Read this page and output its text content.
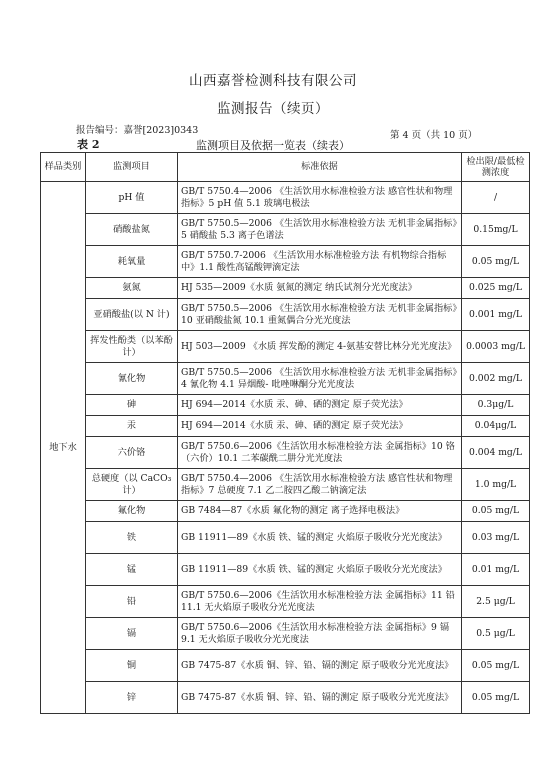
山西嘉誉检测科技有限公司
监测报告（续页）
报告编号：嘉誉[2023]0343	第 4 页（共 10 页）
表 2	监测项目及依据一览表（续表）
样品类别	监测项目	标准依据	检出限/最低检测浓度
地下水	pH 值	GB/T 5750.4—2006 《生活饮用水标准检验方法 感官性状和物理指标》5 pH 值 5.1 玻璃电极法	/
	硝酸盐氮	GB/T 5750.5—2006 《生活饮用水标准检验方法 无机非金属指标》5 硝酸盐 5.3 离子色谱法	0.15mg/L
	耗氧量	GB/T 5750.7-2006 《生活饮用水标准检验方法 有机物综合指标中》1.1 酸性高锰酸钾滴定法	0.05 mg/L
	氨氮	HJ 535—2009《水质 氨氮的测定 纳氏试剂分光光度法》	0.025 mg/L
	亚硝酸盐(以 N 计)	GB/T 5750.5—2006 《生活饮用水标准检验方法 无机非金属指标》10 亚硝酸盐氮 10.1 重氮偶合分光光度法	0.001 mg/L
	挥发性酚类（以苯酚计）	HJ 503—2009 《水质 挥发酚的测定 4-氨基安替比林分光光度法》	0.0003 mg/L
	氰化物	GB/T 5750.5—2006 《生活饮用水标准检验方法 无机非金属指标》4 氰化物 4.1 异烟酸- 吡唑啉酮分光光度法	0.002 mg/L
	砷	HJ 694—2014《水质 汞、砷、硒的测定 原子荧光法》	0.3μg/L
	汞	HJ 694—2014《水质 汞、砷、硒的测定 原子荧光法》	0.04μg/L
	六价铬	GB/T 5750.6—2006《生活饮用水标准检验方法 金属指标》10 铬（六价）10.1 二苯碳酰二肼分光光度法	0.004 mg/L
	总硬度（以 CaCO₃ 计）	GB/T 5750.4—2006 《生活饮用水标准检验方法 感官性状和物理指标》7 总硬度 7.1 乙二胺四乙酸二钠滴定法	1.0 mg/L
	氟化物	GB 7484—87《水质 氟化物的测定 离子选择电极法》	0.05 mg/L
	铁	GB 11911—89《水质 铁、锰的测定 火焰原子吸收分光光度法》	0.03 mg/L
	锰	GB 11911—89《水质 铁、锰的测定 火焰原子吸收分光光度法》	0.01 mg/L
	铅	GB/T 5750.6—2006《生活饮用水标准检验方法 金属指标》11 铅 11.1 无火焰原子吸收分光光度法	2.5 μg/L
	镉	GB/T 5750.6—2006《生活饮用水标准检验方法 金属指标》9 镉 9.1 无火焰原子吸收分光光度法	0.5 μg/L
	铜	GB 7475-87《水质 铜、锌、铅、镉的测定 原子吸收分光光度法》	0.05 mg/L
	锌	GB 7475-87《水质 铜、锌、铅、镉的测定 原子吸收分光光度法》	0.05 mg/L
